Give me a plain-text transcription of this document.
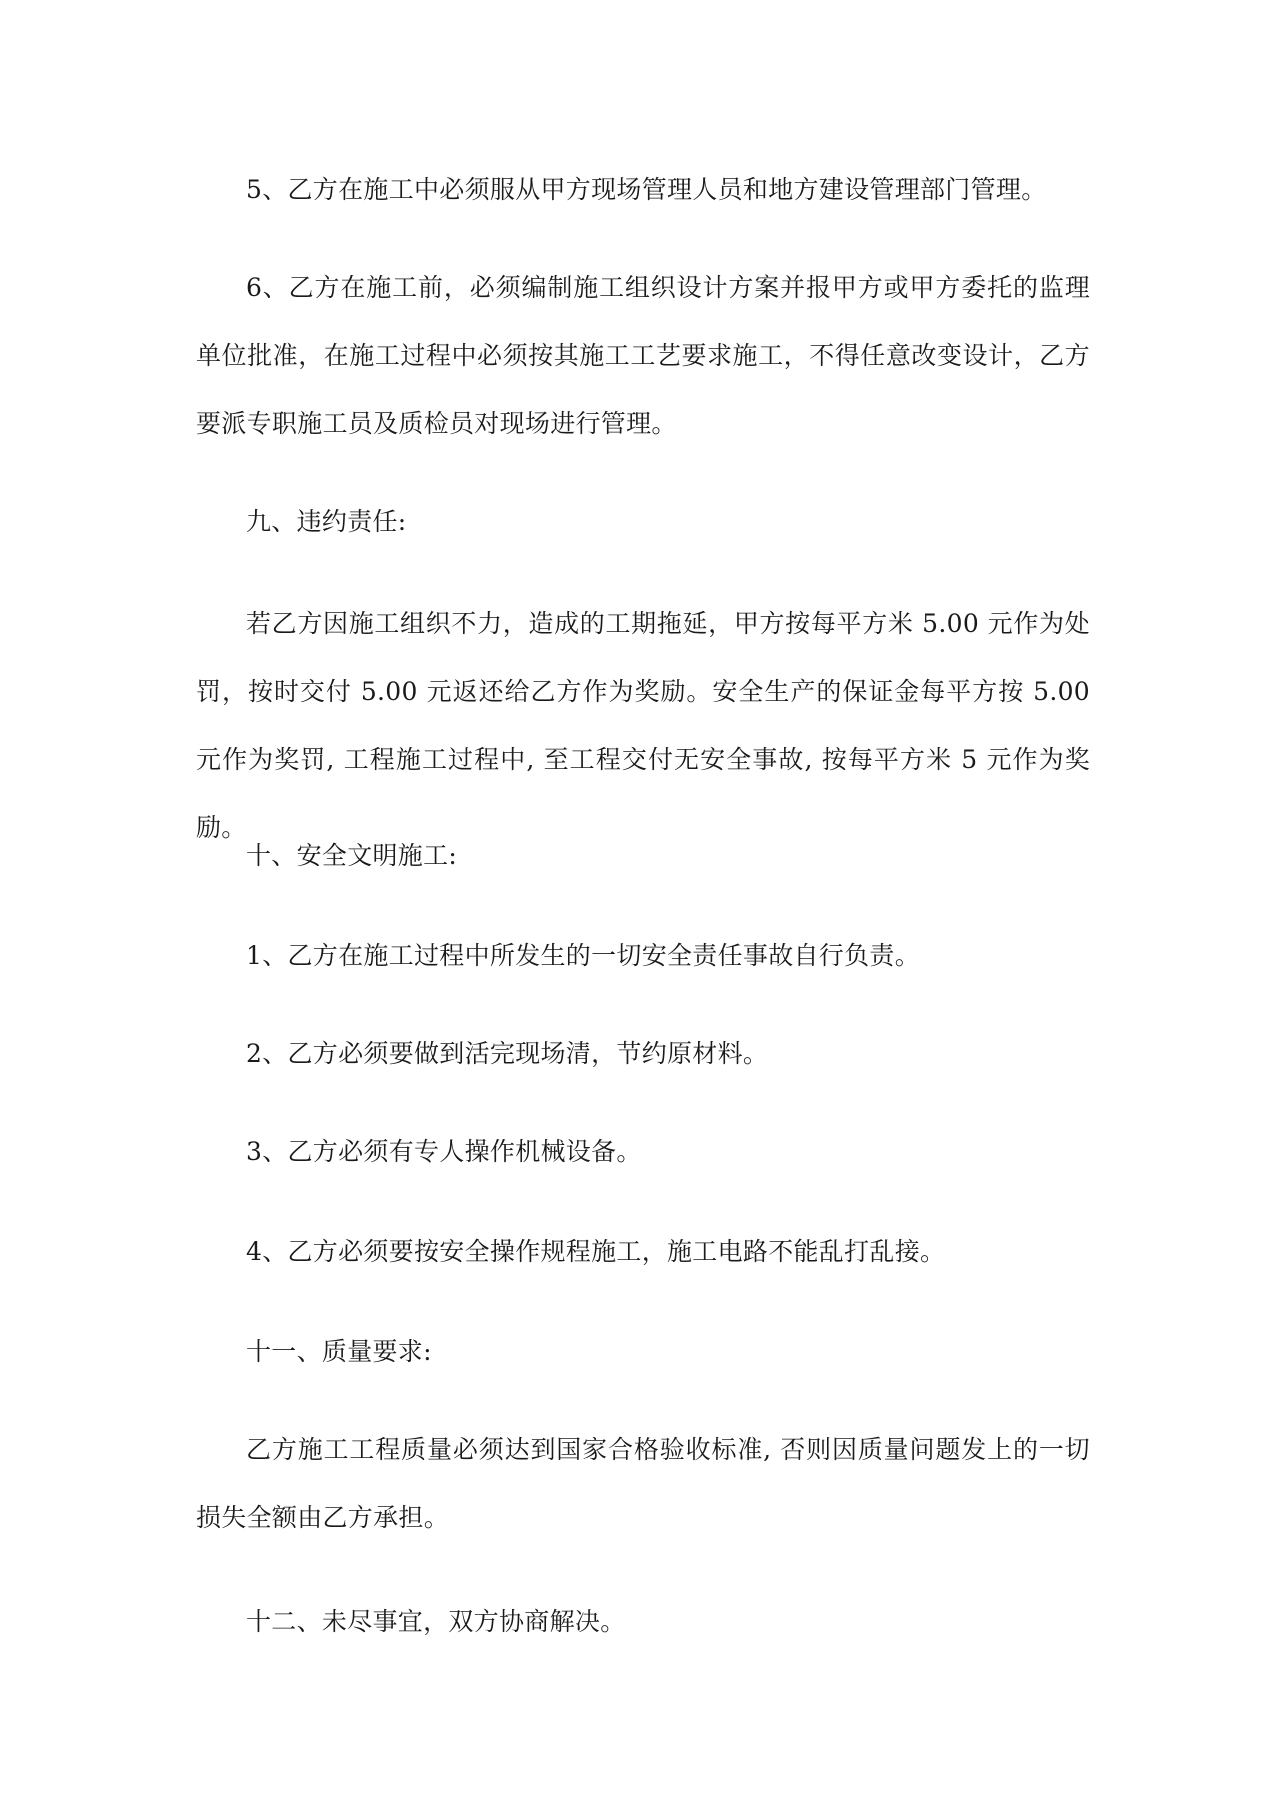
5、乙方在施工中必须服从甲方现场管理人员和地方建设管理部门管理。

6、乙方在施工前，必须编制施工组织设计方案并报甲方或甲方委托的监理单位批准，在施工过程中必须按其施工工艺要求施工，不得任意改变设计，乙方要派专职施工员及质检员对现场进行管理。

九、违约责任:

若乙方因施工组织不力，造成的工期拖延，甲方按每平方米 5.00 元作为处罚，按时交付 5.00 元返还给乙方作为奖励。安全生产的保证金每平方按 5.00 元作为奖罚, 工程施工过程中, 至工程交付无安全事故, 按每平方米 5 元作为奖励。

十、安全文明施工:

1、乙方在施工过程中所发生的一切安全责任事故自行负责。

2、乙方必须要做到活完现场清，节约原材料。

3、乙方必须有专人操作机械设备。

4、乙方必须要按安全操作规程施工，施工电路不能乱打乱接。

十一、质量要求:

乙方施工工程质量必须达到国家合格验收标准, 否则因质量问题发上的一切损失全额由乙方承担。

十二、未尽事宜，双方协商解决。
